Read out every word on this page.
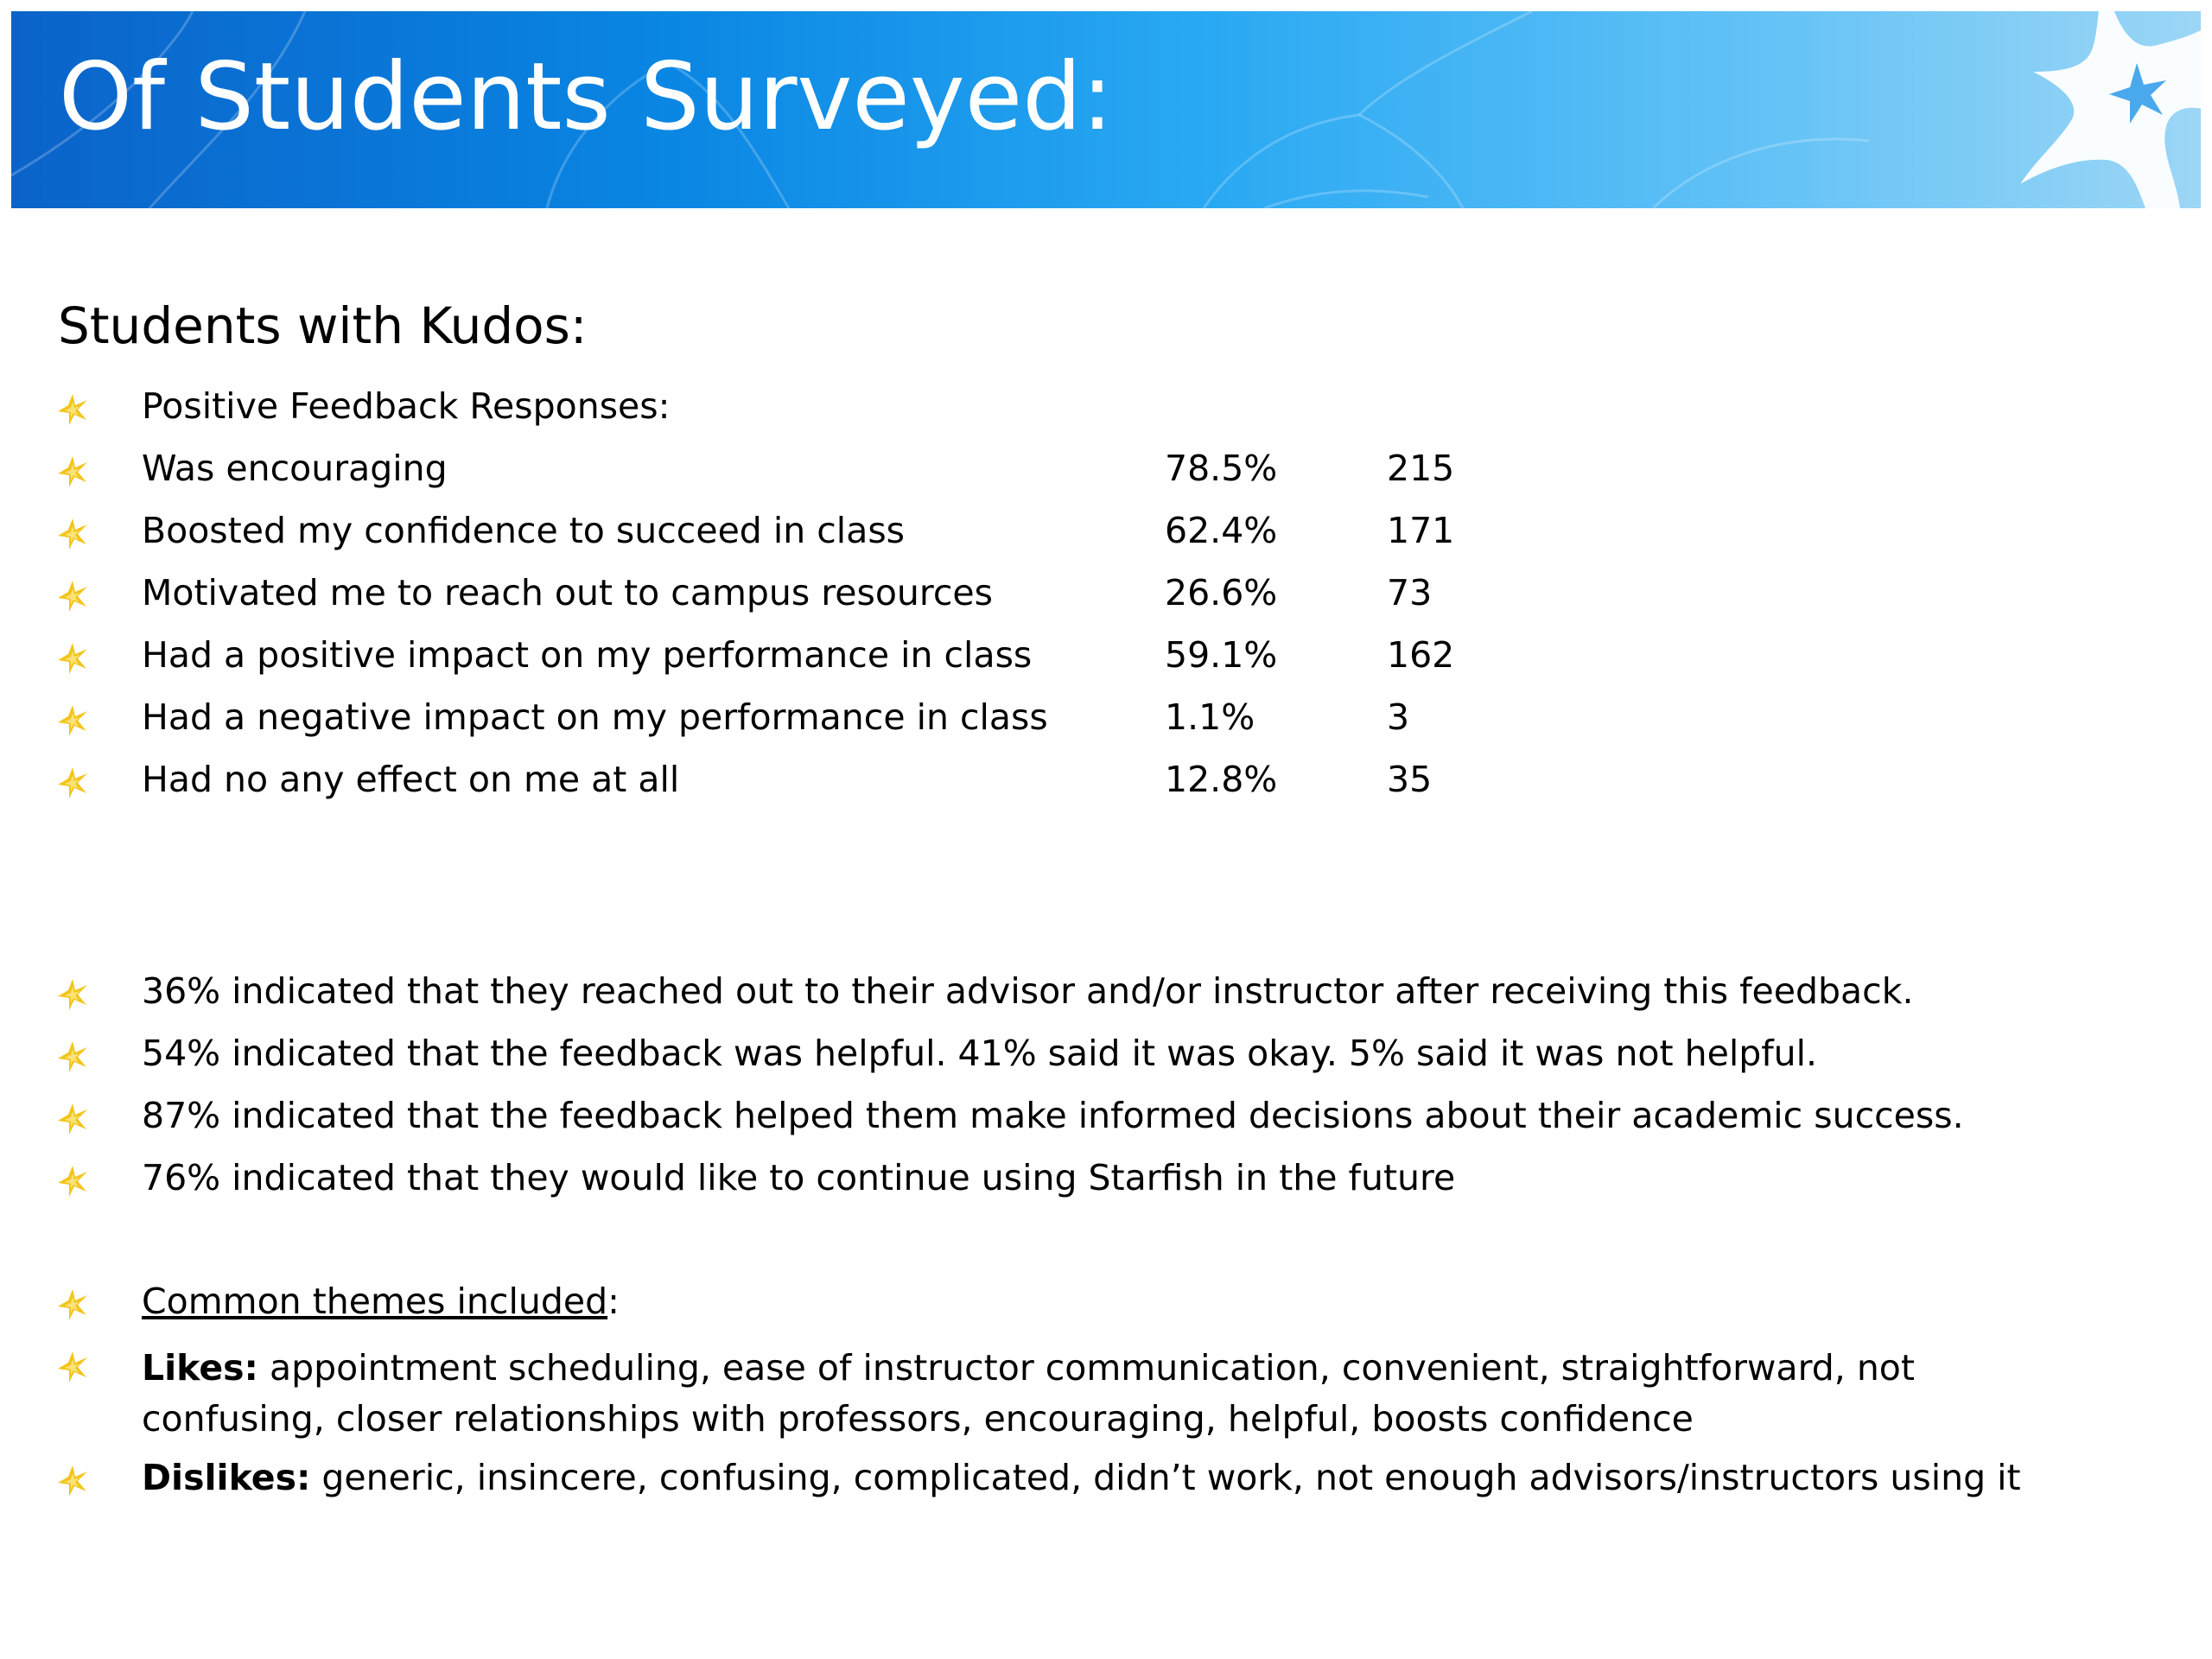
Of Students Surveyed:
Students with Kudos:
Positive Feedback Responses:
Was encouraging	78.5%	215
Boosted my confidence to succeed in class	62.4%	171
Motivated me to reach out to campus resources	26.6%	73
Had a positive impact on my performance in class	59.1%	162
Had a negative impact on my performance in class	1.1%	3
Had no any effect on me at all	12.8%	35
36% indicated that they reached out to their advisor and/or instructor after receiving this feedback.
54% indicated that the feedback was helpful. 41% said it was okay. 5% said it was not helpful.
87% indicated that the feedback helped them make informed decisions about their academic success.
76% indicated that they would like to continue using Starfish in the future
Common themes included:
Likes: appointment scheduling, ease of instructor communication, convenient, straightforward, not confusing, closer relationships with professors, encouraging, helpful, boosts confidence
Dislikes: generic, insincere, confusing, complicated, didn’t work, not enough advisors/instructors using it
